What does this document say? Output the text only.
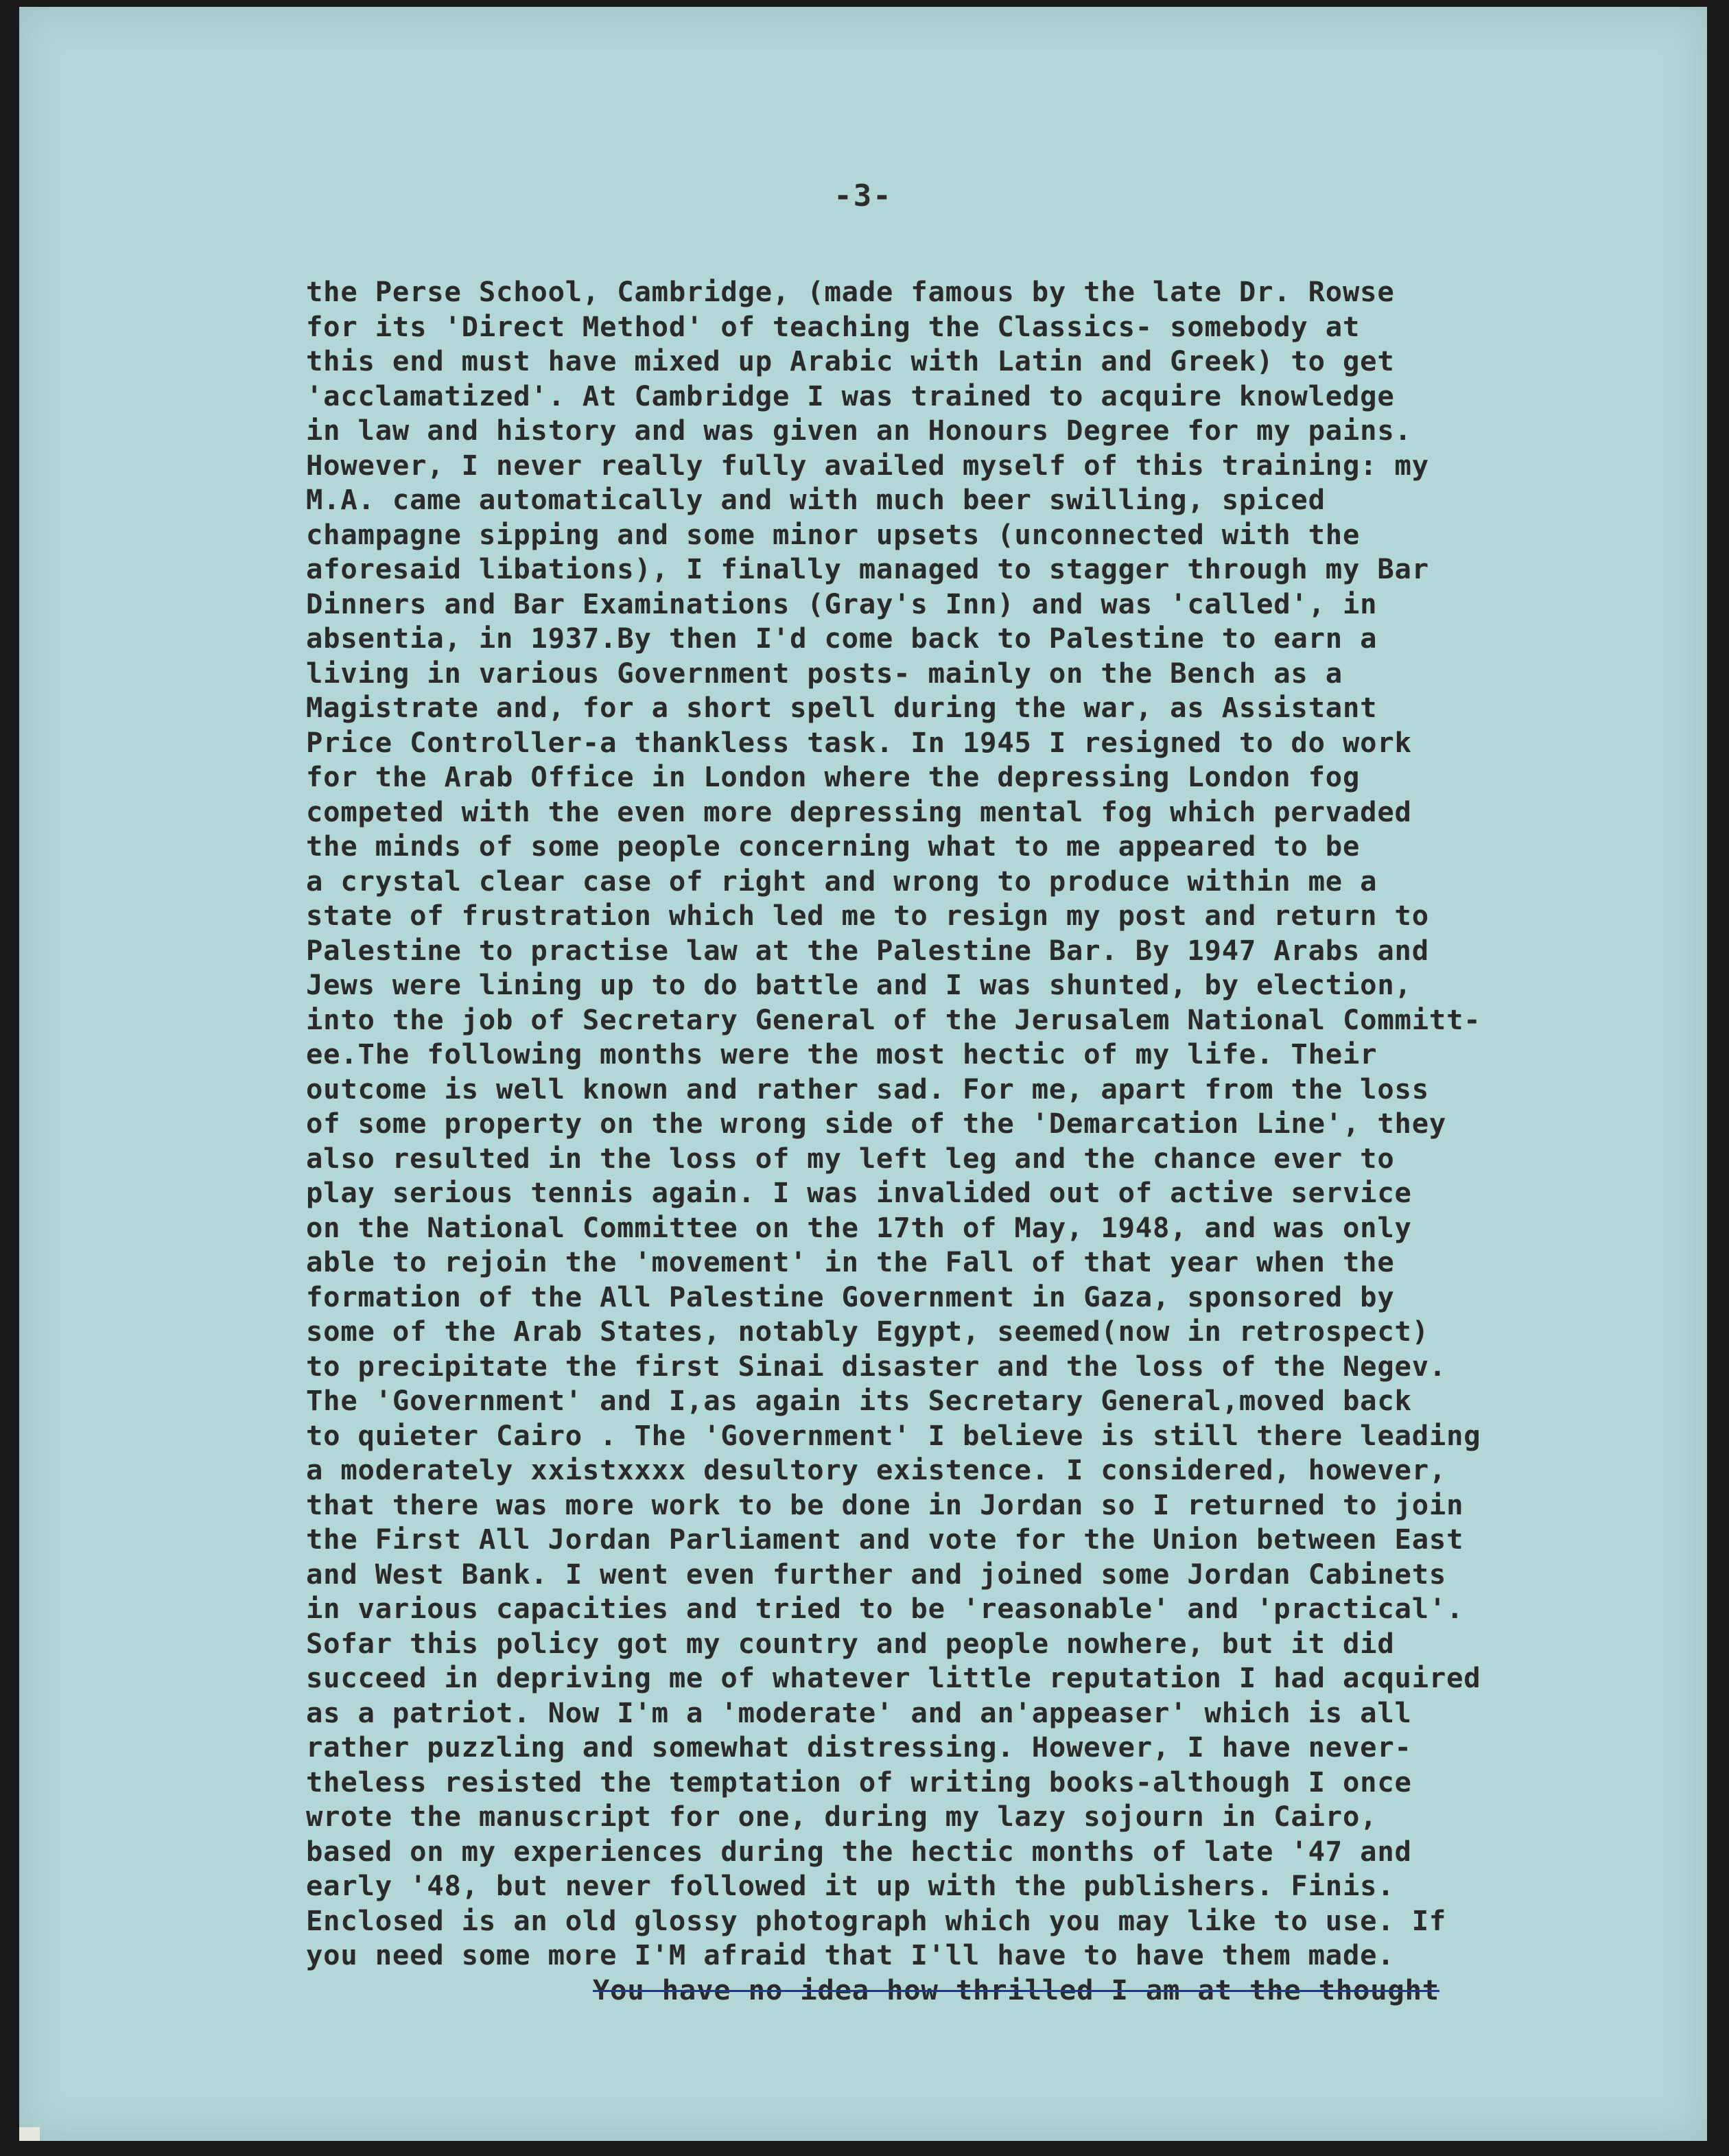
-3-
the Perse School, Cambridge, (made famous by the late Dr. Rowse
for its 'Direct Method' of teaching the Classics- somebody at
this end must have mixed up Arabic with Latin and Greek) to get
'acclamatized'. At Cambridge I was trained to acquire knowledge
in law and history and was given an Honours Degree for my pains.
However, I never really fully availed myself of this training: my
M.A. came automatically and with much beer swilling, spiced
champagne sipping and some minor upsets (unconnected with the
aforesaid libations), I finally managed to stagger through my Bar
Dinners and Bar Examinations (Gray's Inn) and was 'called', in
absentia, in 1937.By then I'd come back to Palestine to earn a
living in various Government posts- mainly on the Bench as a
Magistrate and, for a short spell during the war, as Assistant
Price Controller-a thankless task. In 1945 I resigned to do work
for the Arab Office in London where the depressing London fog
competed with the even more depressing mental fog which pervaded
the minds of some people concerning what to me appeared to be
a crystal clear case of right and wrong to produce within me a
state of frustration which led me to resign my post and return to
Palestine to practise law at the Palestine Bar. By 1947 Arabs and
Jews were lining up to do battle and I was shunted, by election,
into the job of Secretary General of the Jerusalem National Committ-
ee.The following months were the most hectic of my life. Their
outcome is well known and rather sad. For me, apart from the loss
of some property on the wrong side of the 'Demarcation Line', they
also resulted in the loss of my left leg and the chance ever to
play serious tennis again. I was invalided out of active service
on the National Committee on the 17th of May, 1948, and was only
able to rejoin the 'movement' in the Fall of that year when the
formation of the All Palestine Government in Gaza, sponsored by
some of the Arab States, notably Egypt, seemed(now in retrospect)
to precipitate the first Sinai disaster and the loss of the Negev.
The 'Government' and I,as again its Secretary General,moved back
to quieter Cairo . The 'Government' I believe is still there leading
a moderately xxistxxxx desultory existence. I considered, however,
that there was more work to be done in Jordan so I returned to join
the First All Jordan Parliament and vote for the Union between East
and West Bank. I went even further and joined some Jordan Cabinets
in various capacities and tried to be 'reasonable' and 'practical'.
Sofar this policy got my country and people nowhere, but it did
succeed in depriving me of whatever little reputation I had acquired
as a patriot. Now I'm a 'moderate' and an'appeaser' which is all
rather puzzling and somewhat distressing. However, I have never-
theless resisted the temptation of writing books-although I once
wrote the manuscript for one, during my lazy sojourn in Cairo,
based on my experiences during the hectic months of late '47 and
early '48, but never followed it up with the publishers. Finis.
Enclosed is an old glossy photograph which you may like to use. If
you need some more I'M afraid that I'll have to have them made.
You have no idea how thrilled I am at the thought
